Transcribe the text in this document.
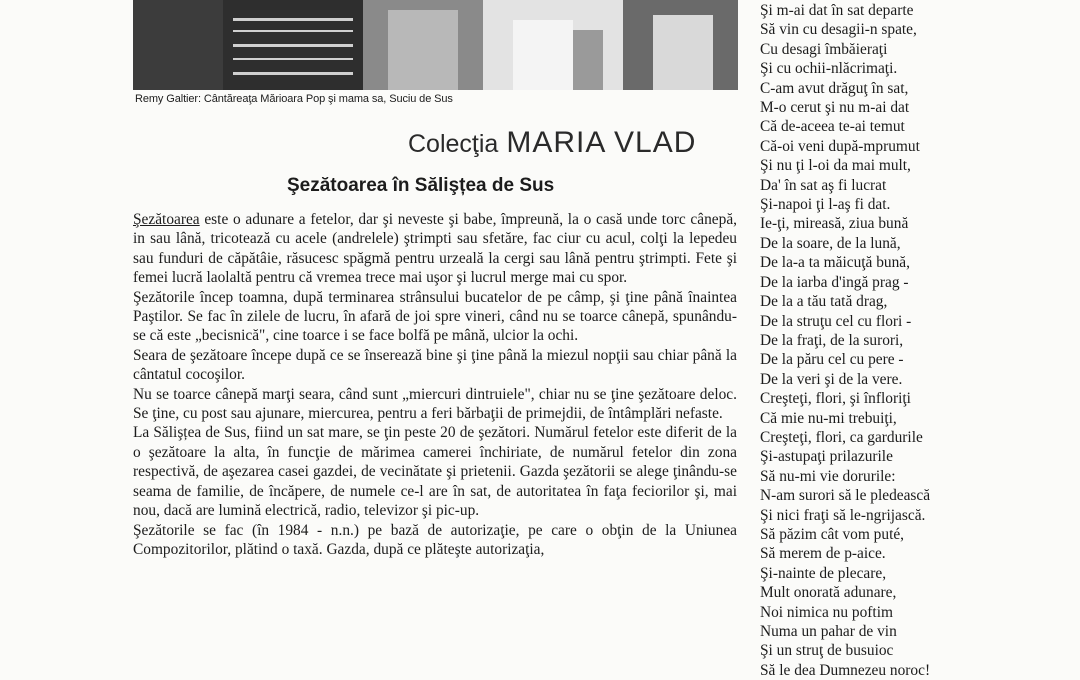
Remy Galtier: Cântăreaţa Mărioara Pop şi mama sa, Suciu de Sus
Colecţia MARIA VLAD
Şezătoarea în Sălişțea de Sus

Şezătoarea este o adunare a fetelor, dar şi neveste şi babe, împreună, la o casă unde torc cânepă, in sau lână, tricotează cu acele (andrelele) ştrimpti sau sfetăre, fac ciur cu acul, colţi la lepedeu sau funduri de căpătâie, răsucesc spăgmă pentru urzeală la cergi sau lână pentru ştrimpti. Fete şi femei lucră laolaltă pentru că vremea trece mai uşor şi lucrul merge mai cu spor.

Şezătorile încep toamna, după terminarea strânsului bucatelor de pe câmp, şi ţine până înaintea Paştilor. Se fac în zilele de lucru, în afară de joi spre vineri, când nu se toarce cânepă, spunându-se că este „becisnică", cine toarce i se face bolfă pe mână, ulcior la ochi.

Seara de şezătoare începe după ce se înserează bine şi ţine până la miezul nopţii sau chiar până la cântatul cocoşilor.

Nu se toarce cânepă marţi seara, când sunt „miercuri dintruiele", chiar nu se ţine şezătoare deloc. Se ţine, cu post sau ajunare, miercurea, pentru a feri bărbaţii de primejdii, de întâmplări nefaste.

La Sălişțea de Sus, fiind un sat mare, se ţin peste 20 de şezători. Numărul fetelor este diferit de la o şezătoare la alta, în funcţie de mărimea camerei închiriate, de numărul fetelor din zona respectivă, de aşezarea casei gazdei, de vecinătate şi prietenii. Gazda şezătorii se alege ţinându-se seama de familie, de încăpere, de numele ce-l are în sat, de autoritatea în faţa feciorilor şi, mai nou, dacă are lumină electrică, radio, televizor şi pic-up.

Şezătorile se fac (în 1984 - n.n.) pe bază de autorizaţie, pe care o obţin de la Uniunea Compozitorilor, plătind o taxă. Gazda, după ce plăteşte autorizaţia,

Şi m-ai dat în sat departe
Să vin cu desagii-n spate,
Cu desagi îmbăieraţi
Şi cu ochii-nlăcrimaţi.
C-am avut drăguţ în sat,
M-o cerut şi nu m-ai dat
Că de-aceea te-ai temut
Că-oi veni după-mprumut
Şi nu ţi l-oi da mai mult,
Da' în sat aş fi lucrat
Şi-napoi ţi l-aş fi dat.
Ie-ţi, mireasă, ziua bună
De la soare, de la lună,
De la-a ta măicuţă bună,
De la iarba d'ingă prag -
De la a tău tată drag,
De la struţu cel cu flori -
De la fraţi, de la surori,
De la păru cel cu pere -
De la veri şi de la vere.
Creşteţi, flori, şi înfloriţi
Că mie nu-mi trebuiţi,
Creşteţi, flori, ca gardurile
Şi-astupaţi prilazurile
Să nu-mi vie dorurile:
N-am surori să le pledească
Şi nici fraţi să le-ngrijască.
Să păzim cât vom puté,
Să merem de p-aice.
Şi-nainte de plecare,
Mult onorată adunare,
Noi nimica nu poftim
Numa un pahar de vin
Şi un struţ de busuioc
Să le dea Dumnezeu noroc!
